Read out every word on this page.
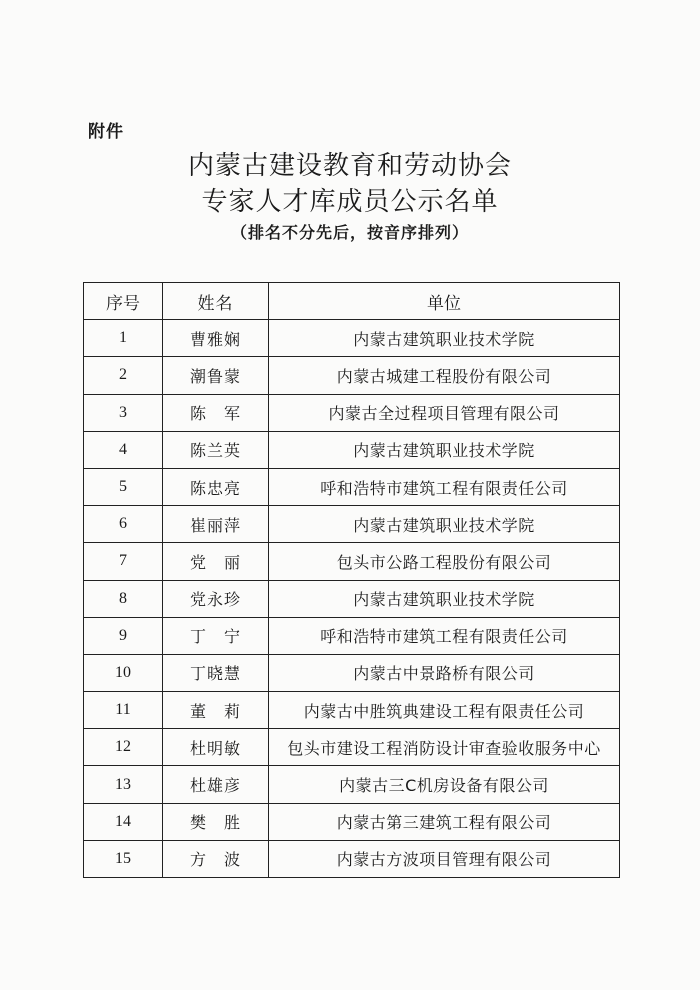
附件
内蒙古建设教育和劳动协会
专家人才库成员公示名单
（排名不分先后，按音序排列）
序号	姓名	单位
1	曹雅娴	内蒙古建筑职业技术学院
2	潮鲁蒙	内蒙古城建工程股份有限公司
3	陈　军	内蒙古全过程项目管理有限公司
4	陈兰英	内蒙古建筑职业技术学院
5	陈忠亮	呼和浩特市建筑工程有限责任公司
6	崔丽萍	内蒙古建筑职业技术学院
7	党　丽	包头市公路工程股份有限公司
8	党永珍	内蒙古建筑职业技术学院
9	丁　宁	呼和浩特市建筑工程有限责任公司
10	丁晓慧	内蒙古中景路桥有限公司
11	董　莉	内蒙古中胜筑典建设工程有限责任公司
12	杜明敏	包头市建设工程消防设计审查验收服务中心
13	杜雄彦	内蒙古三C机房设备有限公司
14	樊　胜	内蒙古第三建筑工程有限公司
15	方　波	内蒙古方波项目管理有限公司
